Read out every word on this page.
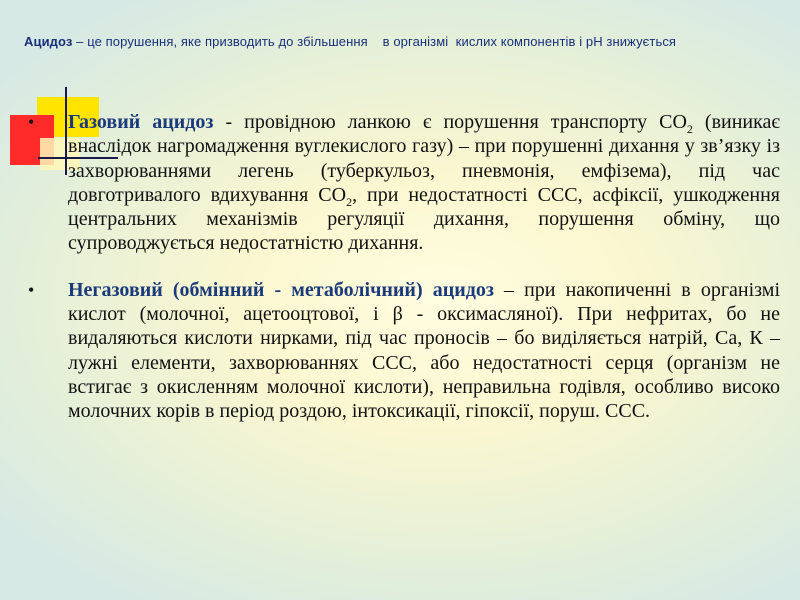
Ацидоз – це порушення, яке призводить до збільшення    в організмі  кислих компонентів і рН знижується
• Газовий ацидоз - провідною ланкою є порушення транспорту $СО_2$ (виникає внаслідок нагромадження вуглекислого газу) – при порушенні дихання у зв’язку із захворюваннями легень (туберкульоз, пневмонія, емфізема), під час довготривалого вдихування $СО_2$, при недостатності ССС, асфіксії, ушкодження центральних механізмів регуляції дихання, порушення обміну, що супроводжується недостатністю дихання.
• Негазовий (обмінний - метаболічний) ацидоз – при накопиченні в організмі кислот (молочної, ацетооцтової, і β - оксимасляної). При нефритах, бо не видаляються кислоти нирками, під час проносів – бо виділяється натрій, Са, К – лужні елементи, захворюваннях ССС, або недостатності серця (організм не встигає з окисленням молочної кислоти), неправильна годівля, особливо високо молочних корів в період роздою, інтоксикації, гіпоксії, поруш. ССС.
